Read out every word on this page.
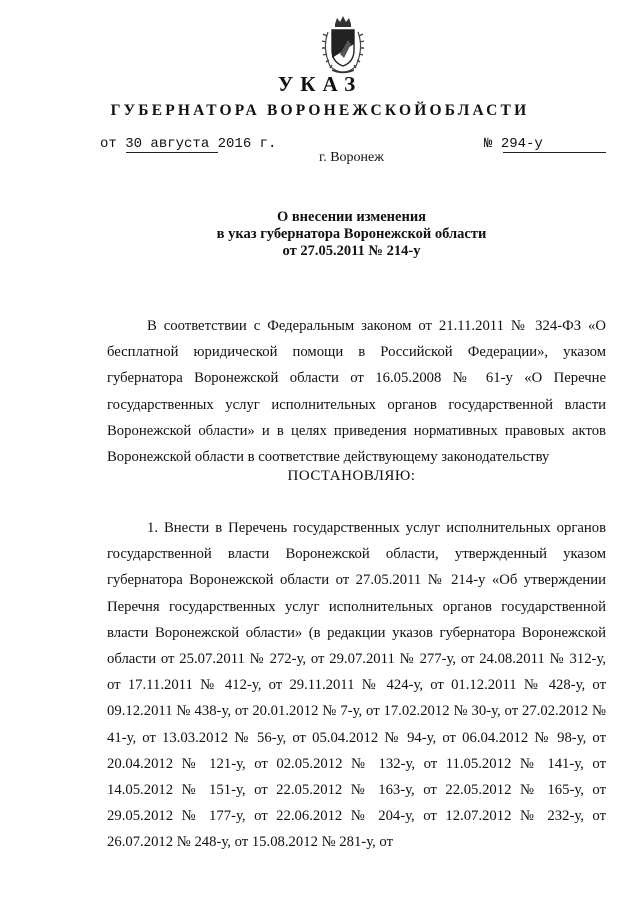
УКАЗ
ГУБЕРНАТОРА ВОРОНЕЖСКОЙОБЛАСТИ
от 30 августа 2016 г.	№ 294-у
г. Воронеж
О внесении изменения
в указ губернатора Воронежской области
от 27.05.2011 № 214-у

В соответствии с Федеральным законом от 21.11.2011 № 324-ФЗ «О бесплатной юридической помощи в Российской Федерации», указом губернатора Воронежской области от 16.05.2008 № 61-у «О Перечне государственных услуг исполнительных органов государственной власти Воронежской области» и в целях приведения нормативных правовых актов Воронежской области в соответствие действующему законодательству

ПОСТАНОВЛЯЮ:

1. Внести в Перечень государственных услуг исполнительных органов государственной власти Воронежской области, утвержденный указом губернатора Воронежской области от 27.05.2011 № 214-у «Об утверждении Перечня государственных услуг исполнительных органов государственной власти Воронежской области» (в редакции указов губернатора Воронежской области от 25.07.2011 № 272-у, от 29.07.2011 № 277-у, от 24.08.2011 № 312-у, от 17.11.2011 № 412-у, от 29.11.2011 № 424-у, от 01.12.2011 № 428-у, от 09.12.2011 № 438-у, от 20.01.2012 № 7-у, от 17.02.2012 № 30-у, от 27.02.2012 № 41-у, от 13.03.2012 № 56-у, от 05.04.2012 № 94-у, от 06.04.2012 № 98-у, от 20.04.2012 № 121-у, от 02.05.2012 № 132-у, от 11.05.2012 № 141-у, от 14.05.2012 № 151-у, от 22.05.2012 № 163-у, от 22.05.2012 № 165-у, от 29.05.2012 № 177-у, от 22.06.2012 № 204-у, от 12.07.2012 № 232-у, от 26.07.2012 № 248-у, от 15.08.2012 № 281-у, от
